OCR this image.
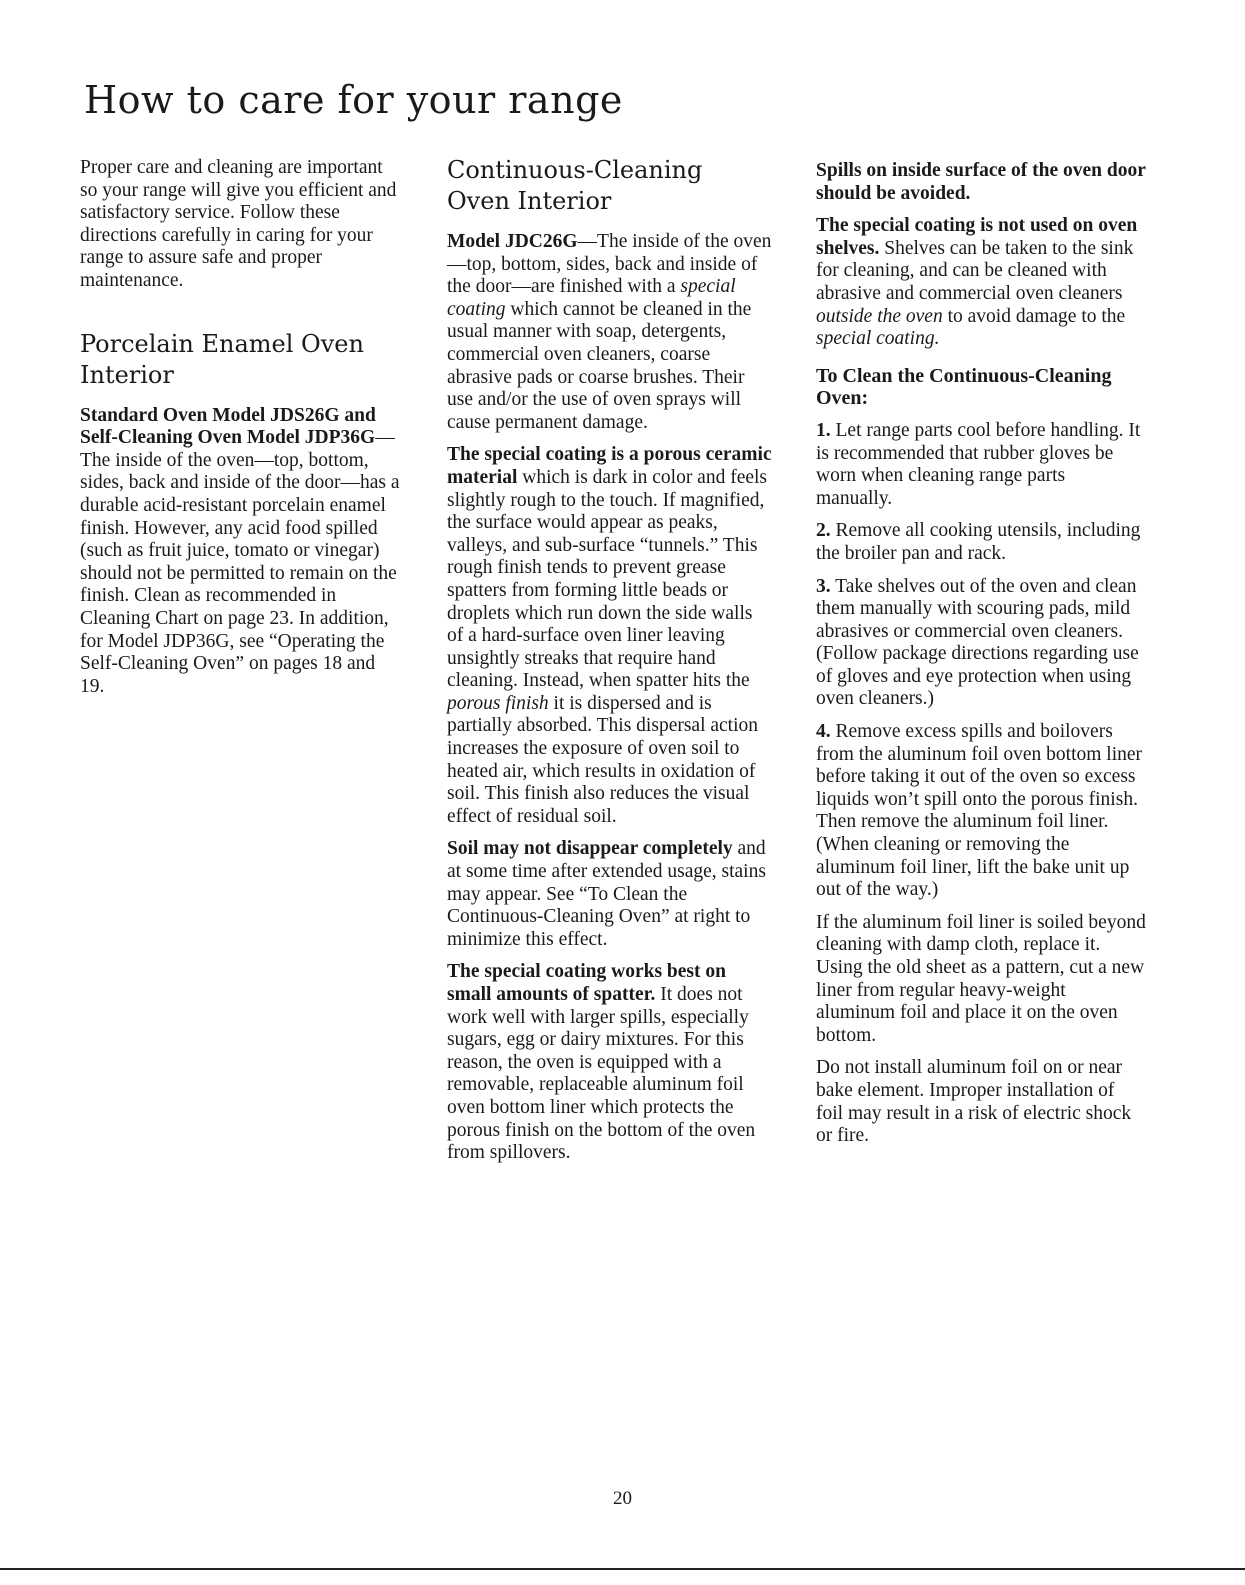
How to care for your range

Proper care and cleaning are important so your range will give you efficient and satisfactory service. Follow these directions carefully in caring for your range to assure safe and proper maintenance.

Porcelain Enamel Oven Interior

Standard Oven Model JDS26G and Self-Cleaning Oven Model JDP36G—The inside of the oven—top, bottom, sides, back and inside of the door—has a durable acid-resistant porcelain enamel finish. However, any acid food spilled (such as fruit juice, tomato or vinegar) should not be permitted to remain on the finish. Clean as recommended in Cleaning Chart on page 23. In addition, for Model JDP36G, see “Operating the Self-Cleaning Oven” on pages 18 and 19.

Continuous-Cleaning Oven Interior

Model JDC26G—The inside of the oven—top, bottom, sides, back and inside of the door—are finished with a special coating which cannot be cleaned in the usual manner with soap, detergents, commercial oven cleaners, coarse abrasive pads or coarse brushes. Their use and/or the use of oven sprays will cause permanent damage.

The special coating is a porous ceramic material which is dark in color and feels slightly rough to the touch. If magnified, the surface would appear as peaks, valleys, and sub-surface “tunnels.” This rough finish tends to prevent grease spatters from forming little beads or droplets which run down the side walls of a hard-surface oven liner leaving unsightly streaks that require hand cleaning. Instead, when spatter hits the porous finish it is dispersed and is partially absorbed. This dispersal action increases the exposure of oven soil to heated air, which results in oxidation of soil. This finish also reduces the visual effect of residual soil.

Soil may not disappear completely and at some time after extended usage, stains may appear. See “To Clean the Continuous-Cleaning Oven” at right to minimize this effect.

The special coating works best on small amounts of spatter. It does not work well with larger spills, especially sugars, egg or dairy mixtures. For this reason, the oven is equipped with a removable, replaceable aluminum foil oven bottom liner which protects the porous finish on the bottom of the oven from spillovers.

Spills on inside surface of the oven door should be avoided.

The special coating is not used on oven shelves. Shelves can be taken to the sink for cleaning, and can be cleaned with abrasive and commercial oven cleaners outside the oven to avoid damage to the special coating.

To Clean the Continuous-Cleaning Oven:

1. Let range parts cool before handling. It is recommended that rubber gloves be worn when cleaning range parts manually.

2. Remove all cooking utensils, including the broiler pan and rack.

3. Take shelves out of the oven and clean them manually with scouring pads, mild abrasives or commercial oven cleaners. (Follow package directions regarding use of gloves and eye protection when using oven cleaners.)

4. Remove excess spills and boilovers from the aluminum foil oven bottom liner before taking it out of the oven so excess liquids won’t spill onto the porous finish. Then remove the aluminum foil liner. (When cleaning or removing the aluminum foil liner, lift the bake unit up out of the way.)

If the aluminum foil liner is soiled beyond cleaning with damp cloth, replace it. Using the old sheet as a pattern, cut a new liner from regular heavy-weight aluminum foil and place it on the oven bottom.

Do not install aluminum foil on or near bake element. Improper installation of foil may result in a risk of electric shock or fire.

20
